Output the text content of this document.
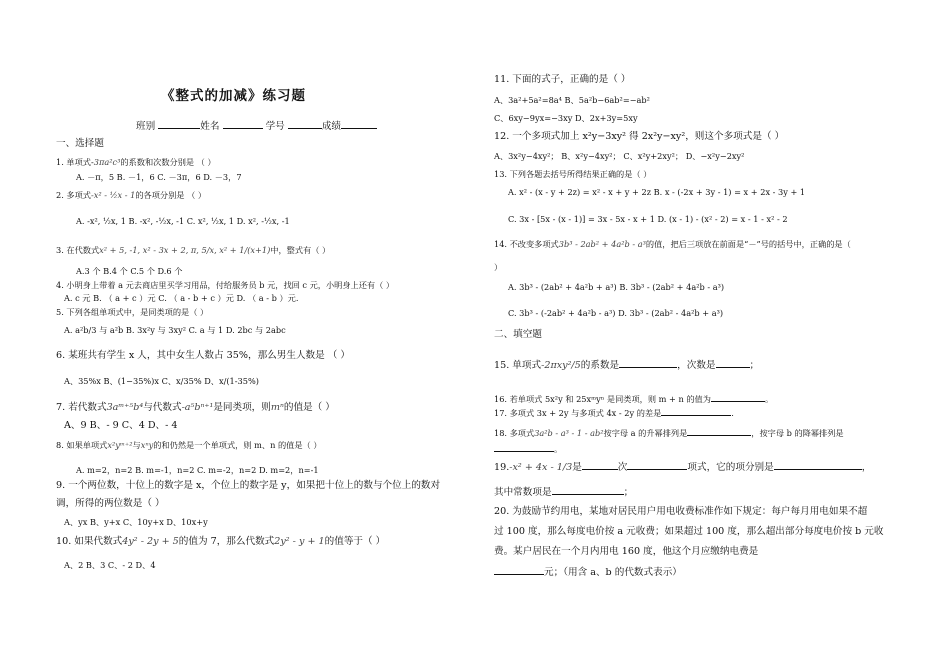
《整式的加减》练习题
班别	姓名	学号	成绩
一、选择题
1. 单项式-3πa²c³的系数和次数分别是 （ ）
A. －π，5 B. －1，6 C. －3π，6 D. －3，7
2. 多项式-x² - ½x - 1的各项分别是 （ ）
A. -x², ½x, 1 B. -x², -½x, -1 C. x², ½x, 1 D. x², -½x, -1
3. 在代数式x² + 5, -1, x² - 3x + 2, π, 5/x, x² + 1/(x+1)中，整式有（ ）
A.3 个 B.4 个 C.5 个 D.6 个
4. 小明身上带着 a 元去商店里买学习用品，付给服务员 b 元，找回 c 元，小明身上还有（ ）
A. c 元 B. （ a + c ）元 C. （ a - b + c ）元 D. （ a - b ）元.
5. 下列各组单项式中，是同类项的是（ ）
A. a²b/3 与 a²b B. 3x²y 与 3xy² C. a 与 1 D. 2bc 与 2abc
6. 某班共有学生 x 人，其中女生人数占 35%，那么男生人数是 （ ）
A、35%x B、(1−35%)x C、x/35% D、x/(1-35%)
7. 若代数式3aᵐ⁺⁵b⁴与代数式-a⁵bⁿ⁺¹是同类项，则mⁿ的值是（ ）
A、9 B、- 9 C、4 D、- 4
8. 如果单项式x²yᵐ⁺²与xⁿy的和仍然是一个单项式，则 m、n 的值是（ ）
A. m=2，n=2 B. m=-1，n=2 C. m=-2，n=2 D. m=2，n=-1
9. 一个两位数，十位上的数字是 x，个位上的数字是 y，如果把十位上的数与个位上的数对
调，所得的两位数是（ ）
A、yx B、y+x C、10y+x D、10x+y
10. 如果代数式4y² - 2y + 5的值为 7，那么代数式2y² - y + 1的值等于（ ）
A、2 B、3 C、- 2 D、4
11. 下面的式子，正确的是（ ）
A、3a²+5a²=8a⁴ B、5a²b−6ab²=−ab²
C、6xy−9yx=−3xy D、2x+3y=5xy
12. 一个多项式加上 x²y−3xy² 得 2x²y−xy²，则这个多项式是（ ）
A、3x²y−4xy²； B、x²y−4xy²； C、x²y+2xy²； D、−x²y−2xy²
13. 下列各题去括号所得结果正确的是（ ）
A. x² - (x - y + 2z) = x² - x + y + 2z B. x - (-2x + 3y - 1) = x + 2x - 3y + 1
C. 3x - [5x - (x - 1)] = 3x - 5x - x + 1 D. (x - 1) - (x² - 2) = x - 1 - x² - 2
14. 不改变多项式3b³ - 2ab² + 4a²b - a³的值，把后三项放在前面是“－”号的括号中，正确的是（
）
A. 3b³ - (2ab² + 4a²b + a³) B. 3b³ - (2ab² + 4a²b - a³)
C. 3b³ - (-2ab² + 4a²b - a³) D. 3b³ - (2ab² - 4a²b + a³)
二、填空题
15. 单项式-2πxy²/5的系数是	，次数是	；
16. 若单项式 5x²y 和 25xᵐyⁿ 是同类项，则 m + n 的值为	。
17. 多项式 3x + 2y 与多项式 4x - 2y 的差是	.
18. 多项式3a²b - a³ - 1 - ab²按字母 a 的升幂排列是	，按字母 b 的降幂排列是
。
19.-x² + 4x - 1/3是	次	项式，它的项分别是	，
其中常数项是	；
20. 为鼓励节约用电，某地对居民用户用电收费标准作如下规定：每户每月用电如果不超
过 100 度，那么每度电价按 a 元收费；如果超过 100 度，那么超出部分每度电价按 b 元收
费。某户居民在一个月内用电 160 度，他这个月应缴纳电费是
元；（用含 a、b 的代数式表示）
